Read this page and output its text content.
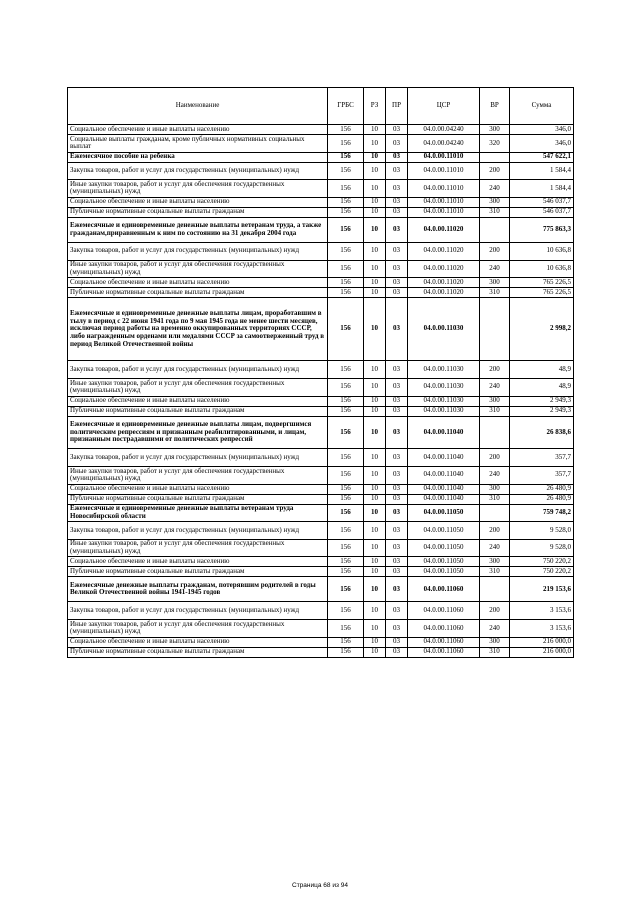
Наименование	ГРБС	РЗ	ПР	ЦСР	ВР	Сумма
Социальное обеспечение и иные выплаты населению	156	10	03	04.0.00.04240	300	346,0
Социальные выплаты гражданам, кроме публичных нормативных социальных выплат	156	10	03	04.0.00.04240	320	346,0
Ежемесячное пособие на ребенка	156	10	03	04.0.00.11010		547 622,1
Закупка товаров, работ и услуг для государственных (муниципальных) нужд	156	10	03	04.0.00.11010	200	1 584,4
Иные закупки товаров, работ и услуг для обеспечения государственных (муниципальных) нужд	156	10	03	04.0.00.11010	240	1 584,4
Социальное обеспечение и иные выплаты населению	156	10	03	04.0.00.11010	300	546 037,7
Публичные нормативные социальные выплаты гражданам	156	10	03	04.0.00.11010	310	546 037,7
Ежемесячные и единовременные денежные выплаты ветеранам труда, а также гражданам,приравненным к ним по состоянию на 31 декабря 2004 года	156	10	03	04.0.00.11020		775 863,3
Закупка товаров, работ и услуг для государственных (муниципальных) нужд	156	10	03	04.0.00.11020	200	10 636,8
Иные закупки товаров, работ и услуг для обеспечения государственных (муниципальных) нужд	156	10	03	04.0.00.11020	240	10 636,8
Социальное обеспечение и иные выплаты населению	156	10	03	04.0.00.11020	300	765 226,5
Публичные нормативные социальные выплаты гражданам	156	10	03	04.0.00.11020	310	765 226,5
Ежемесячные и единовременные денежные выплаты лицам, проработавшим в тылу в период с 22 июня 1941 года по 9 мая 1945 года не менее шести месяцев, исключая период работы на временно оккупированных территориях СССР, либо награжденным орденами или медалями СССР за самоотверженный труд в период Великой Отечественной войны	156	10	03	04.0.00.11030		2 998,2
Закупка товаров, работ и услуг для государственных (муниципальных) нужд	156	10	03	04.0.00.11030	200	48,9
Иные закупки товаров, работ и услуг для обеспечения государственных (муниципальных) нужд	156	10	03	04.0.00.11030	240	48,9
Социальное обеспечение и иные выплаты населению	156	10	03	04.0.00.11030	300	2 949,3
Публичные нормативные социальные выплаты гражданам	156	10	03	04.0.00.11030	310	2 949,3
Ежемесячные и единовременные денежные выплаты лицам, подвергшимся политическим репрессиям и признанным реабилитированными, и лицам, признанным пострадавшими от политических репрессий	156	10	03	04.0.00.11040		26 838,6
Закупка товаров, работ и услуг для государственных (муниципальных) нужд	156	10	03	04.0.00.11040	200	357,7
Иные закупки товаров, работ и услуг для обеспечения государственных (муниципальных) нужд	156	10	03	04.0.00.11040	240	357,7
Социальное обеспечение и иные выплаты населению	156	10	03	04.0.00.11040	300	26 480,9
Публичные нормативные социальные выплаты гражданам	156	10	03	04.0.00.11040	310	26 480,9
Ежемесячные и единовременные денежные выплаты ветеранам труда Новосибирской области	156	10	03	04.0.00.11050		759 748,2
Закупка товаров, работ и услуг для государственных (муниципальных) нужд	156	10	03	04.0.00.11050	200	9 528,0
Иные закупки товаров, работ и услуг для обеспечения государственных (муниципальных) нужд	156	10	03	04.0.00.11050	240	9 528,0
Социальное обеспечение и иные выплаты населению	156	10	03	04.0.00.11050	300	750 220,2
Публичные нормативные социальные выплаты гражданам	156	10	03	04.0.00.11050	310	750 220,2
Ежемесячные денежные выплаты гражданам, потерявшим родителей в годы Великой Отечественной войны 1941-1945 годов	156	10	03	04.0.00.11060		219 153,6
Закупка товаров, работ и услуг для государственных (муниципальных) нужд	156	10	03	04.0.00.11060	200	3 153,6
Иные закупки товаров, работ и услуг для обеспечения государственных (муниципальных) нужд	156	10	03	04.0.00.11060	240	3 153,6
Социальное обеспечение и иные выплаты населению	156	10	03	04.0.00.11060	300	216 000,0
Публичные нормативные социальные выплаты гражданам	156	10	03	04.0.00.11060	310	216 000,0
Страница 68 из 94
